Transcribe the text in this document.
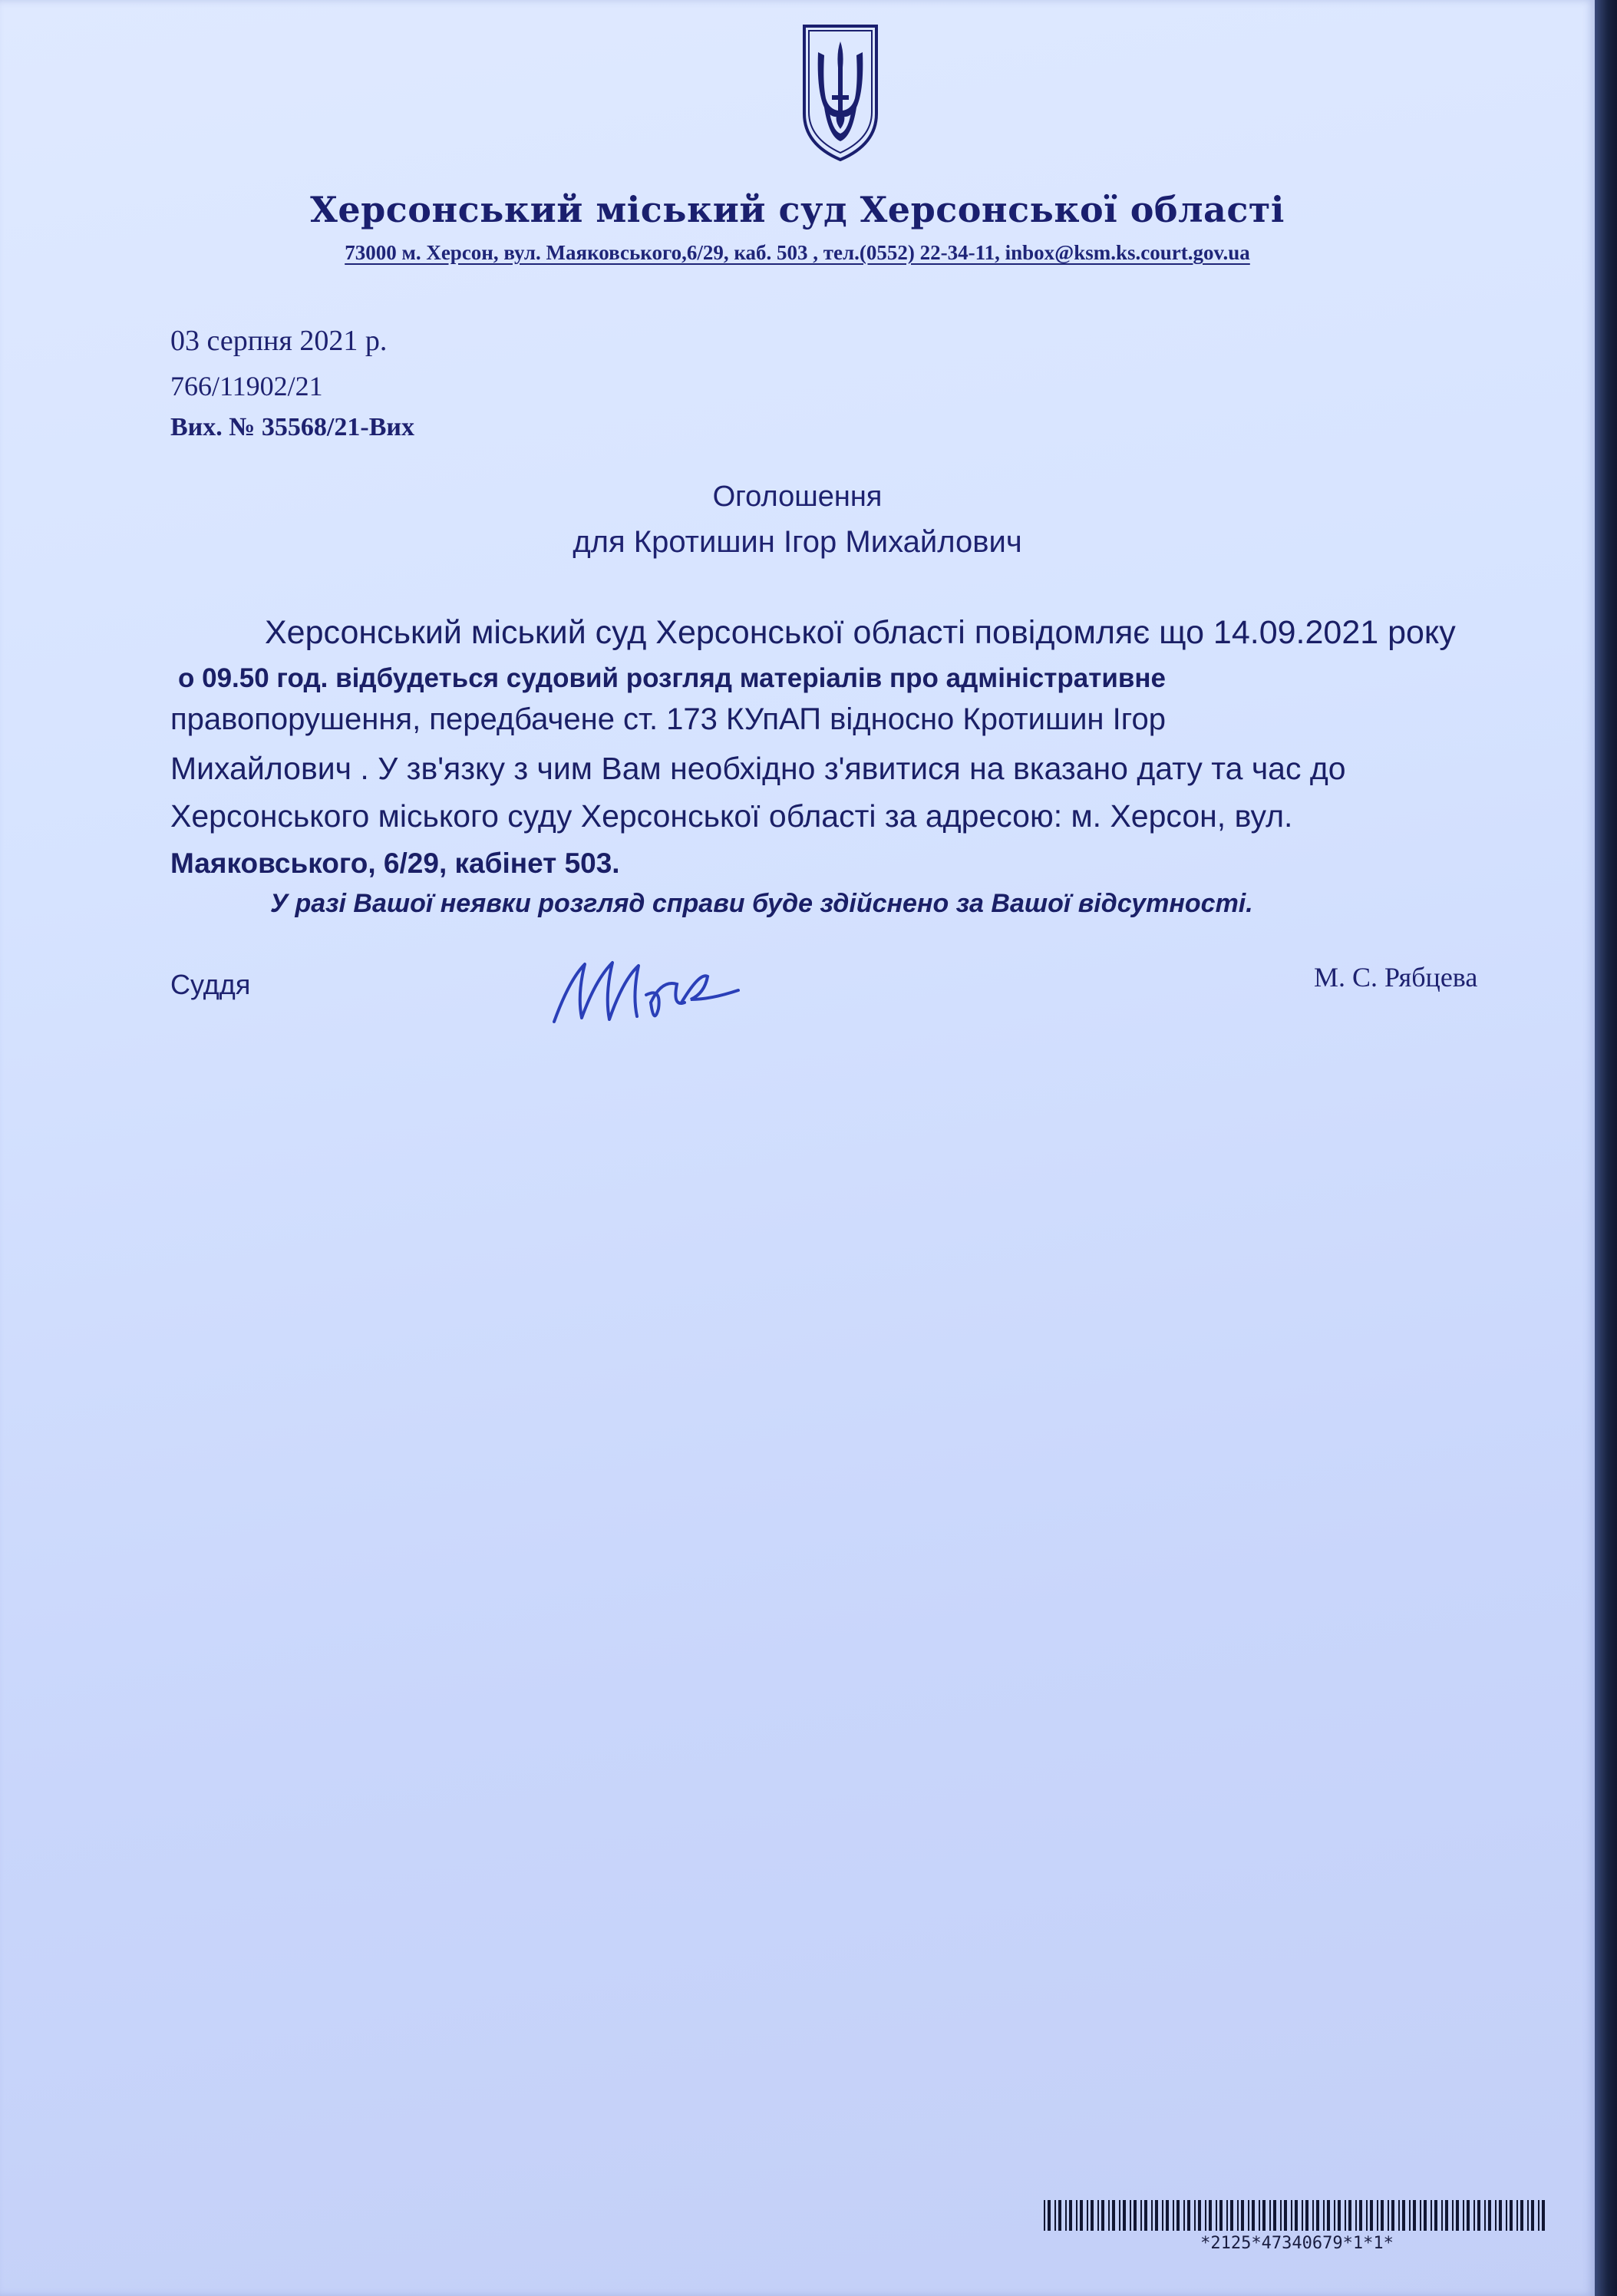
Херсонський міський суд Херсонської області
73000 м. Херсон, вул. Маяковського,6/29, каб. 503 , тел.(0552) 22-34-11, inbox@ksm.ks.court.gov.ua
03 серпня 2021 р.
766/11902/21
Вих. № 35568/21-Вих
Оголошення
для Кротишин Ігор Михайлович
Херсонський міський суд Херсонської області повідомляє що 14.09.2021 року
о 09.50 год. відбудеться судовий розгляд матеріалів про адміністративне
правопорушення, передбачене ст. 173 КУпАП відносно Кротишин Ігор
Михайлович . У зв'язку з чим Вам необхідно з'явитися на вказано дату та час до
Херсонського міського суду Херсонської області за адресою: м. Херсон, вул.
Маяковського, 6/29, кабінет 503.
У разі Вашої неявки розгляд справи буде здійснено за Вашої відсутності.
Суддя	М. С. Рябцева
*2125*47340679*1*1*
